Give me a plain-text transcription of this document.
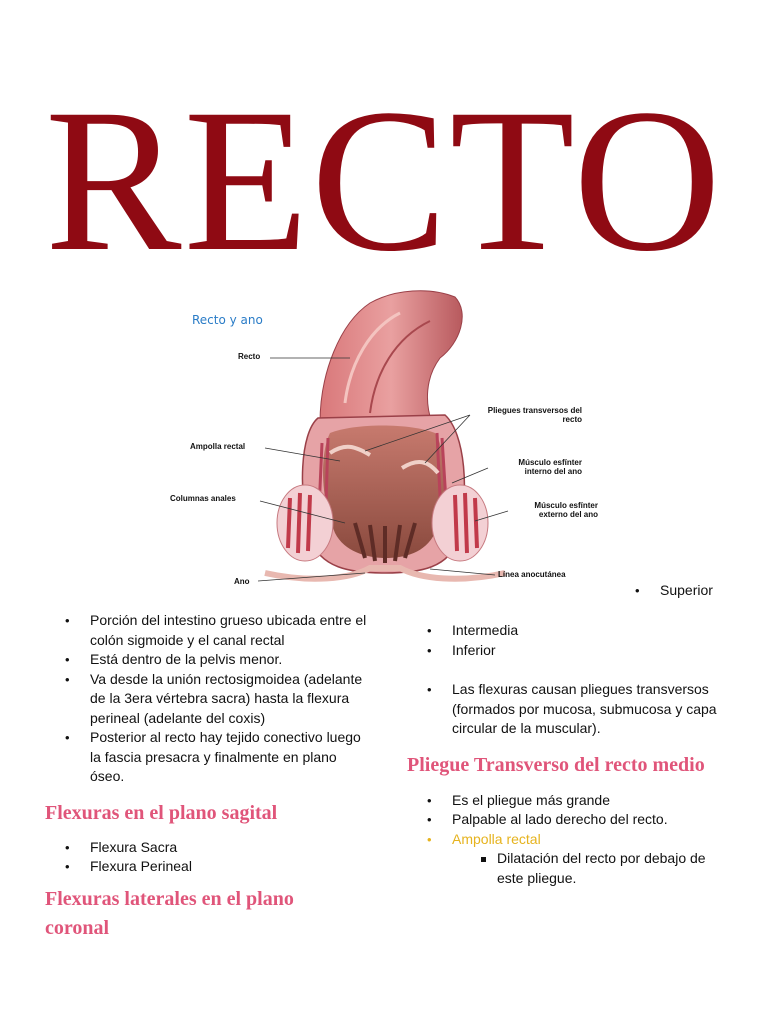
RECTO
Recto y ano
Recto
Ampolla rectal
Columnas anales
Ano
Pliegues transversos del recto
Músculo esfínter interno del ano
Músculo esfínter externo del ano
Línea anocutánea
• Superior
• Porción del intestino grueso ubicada entre el colón sigmoide y el canal rectal
• Está dentro de la pelvis menor.
• Va desde la unión rectosigmoidea (adelante de la 3era vértebra sacra) hasta la flexura perineal (adelante del coxis)
• Posterior al recto hay tejido conectivo luego la fascia presacra y finalmente en plano óseo.
Flexuras en el plano sagital
• Flexura Sacra
• Flexura Perineal
Flexuras laterales en el plano coronal
• Intermedia
• Inferior
• Las flexuras causan pliegues transversos (formados por mucosa, submucosa y capa circular de la muscular).
Pliegue Transverso del recto medio
• Es el pliegue más grande
• Palpable al lado derecho del recto.
• Ampolla rectal
Dilatación del recto por debajo de este pliegue.
